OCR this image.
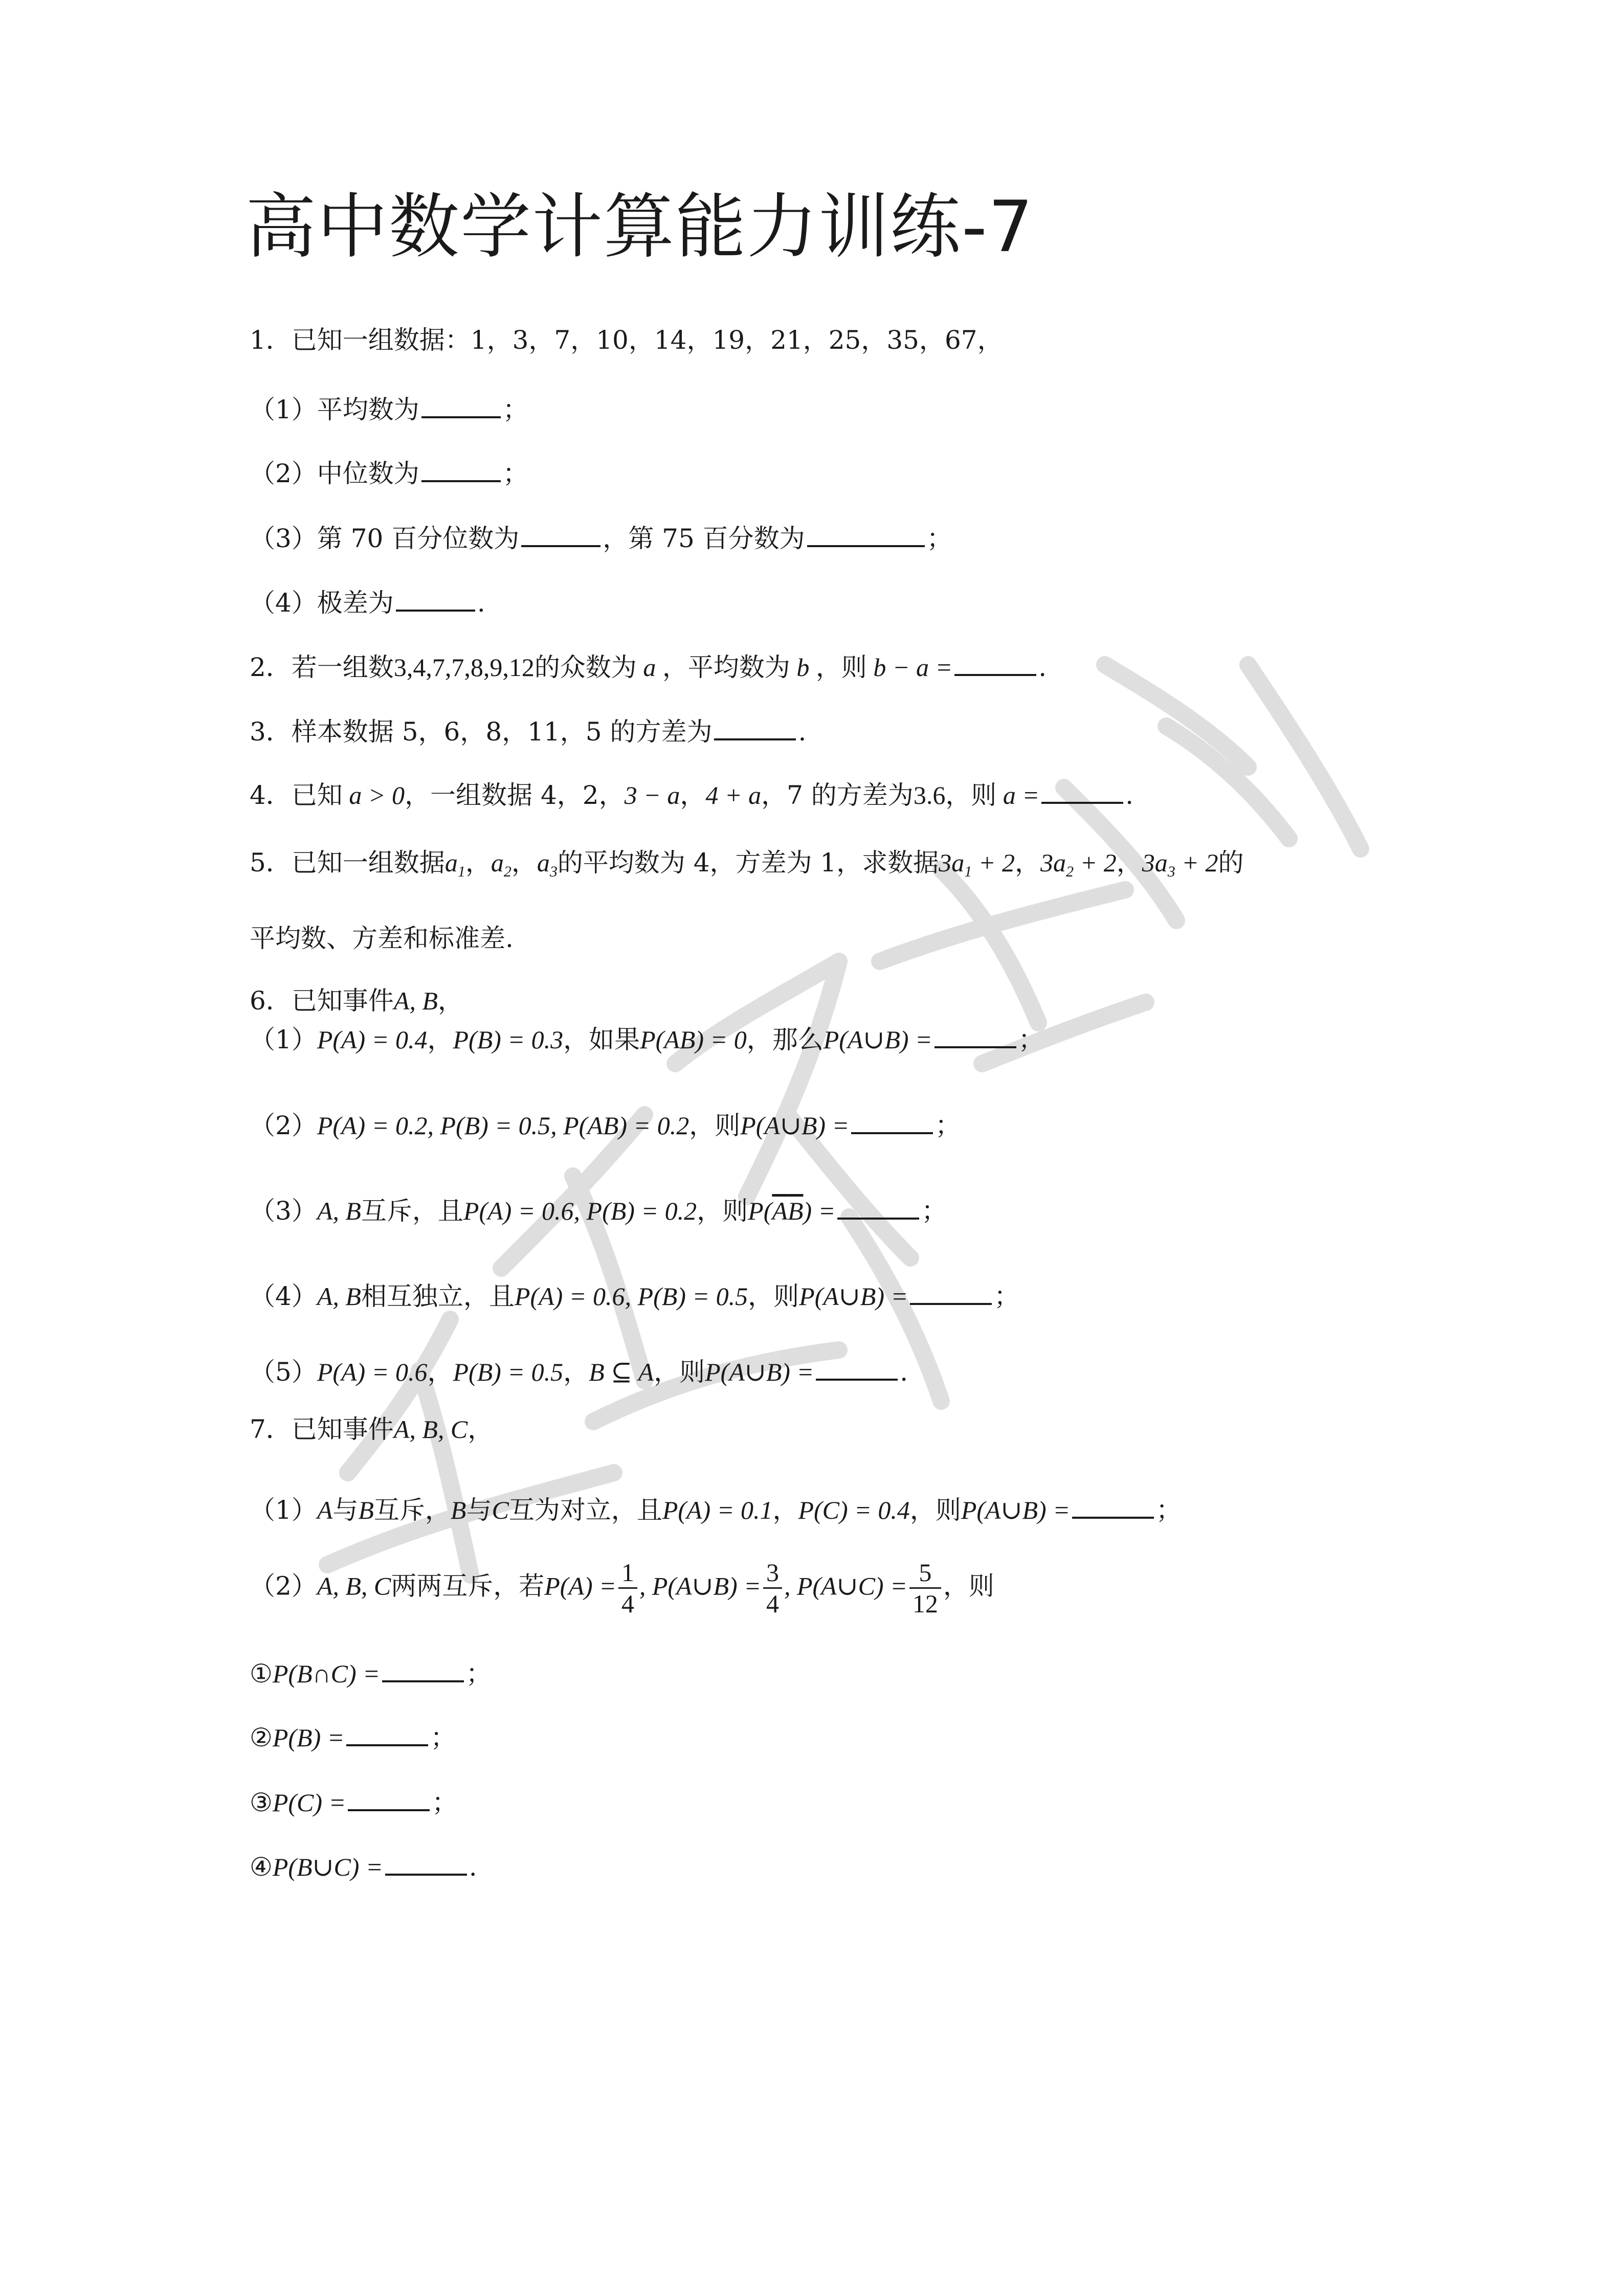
高中数学计算能力训练-7
1．已知一组数据：1，3，7，10，14，19，21，25，35，67，
（1）平均数为	；
（2）中位数为	；
（3）第 70 百分位数为	，第 75 百分数为	；
（4）极差为	.
2．若一组数3,4,7,7,8,9,12的众数为 a ，平均数为 b ，则 b − a =	.
3．样本数据 5，6，8，11，5 的方差为	.
4．已知 a > 0，一组数据 4，2，3 − a，4 + a，7 的方差为3.6，则 a =	.
5．已知一组数据$a_1$，$a_2$，$a_3$的平均数为 4，方差为 1，求数据$3a_1 + 2$，$3a_2 + 2$，$3a_3 + 2$的
平均数、方差和标准差.
6．已知事件A, B，
（1）P(A) = 0.4，P(B) = 0.3，如果P(AB) = 0，那么P(A∪B) =	；
（2）P(A) = 0.2, P(B) = 0.5, P(AB) = 0.2，则P(A∪B) =	；
（3）A, B互斥，且P(A) = 0.6, P(B) = 0.2，则$P(\overline{A}\overline{B})$ =	；
（4）A, B相互独立，且P(A) = 0.6, P(B) = 0.5，则P(A∪B) =	；
（5）P(A) = 0.6，P(B) = 0.5，B ⊆ A，则P(A∪B) =	.
7．已知事件A, B, C，
（1）A与B互斥，B与C互为对立，且P(A) = 0.1，P(C) = 0.4，则P(A∪B) =	；
（2）A, B, C两两互斥，若$P(A) = \frac{1}{4}$ , P(A∪B) = $\frac{3}{4}$ , P(A∪C) = $\frac{5}{12}$ ，则
①P(B∩C) =	；
②P(B) =	；
③P(C) =	；
④P(B∪C) =	.
